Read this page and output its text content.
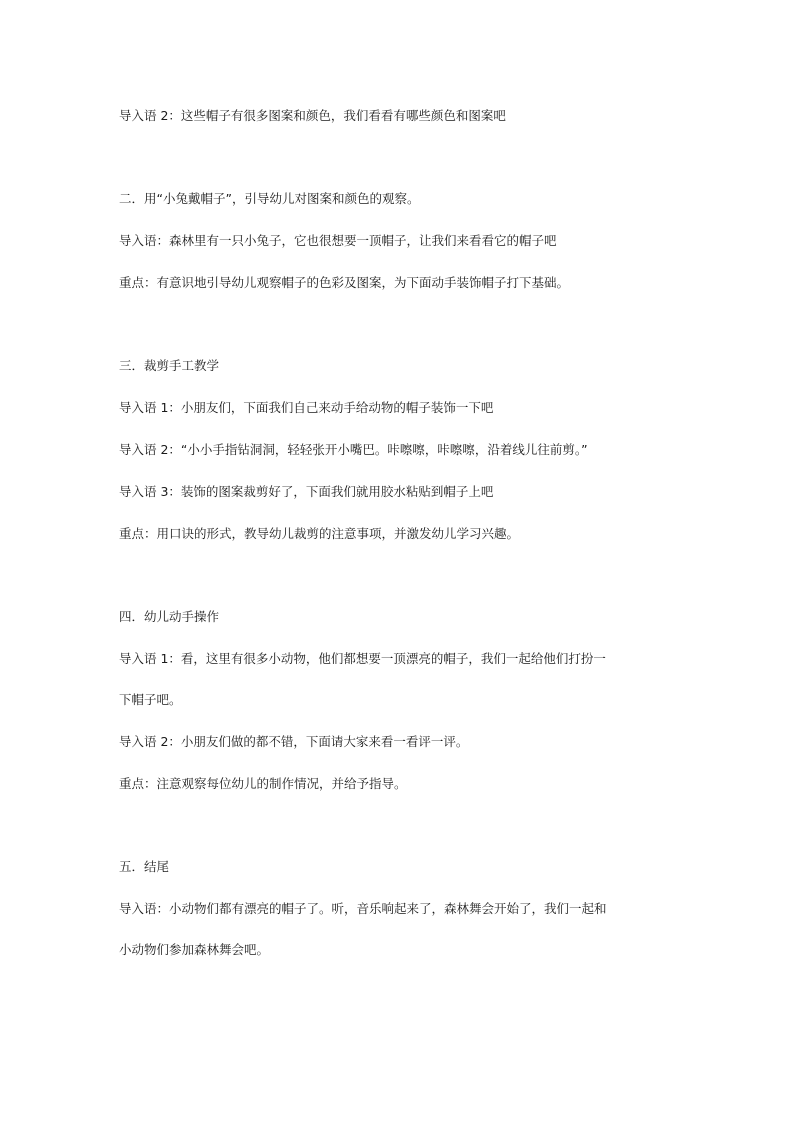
导入语 2：这些帽子有很多图案和颜色，我们看看有哪些颜色和图案吧
二．用“小兔戴帽子”，引导幼儿对图案和颜色的观察。
导入语：森林里有一只小兔子，它也很想要一顶帽子，让我们来看看它的帽子吧
重点：有意识地引导幼儿观察帽子的色彩及图案，为下面动手装饰帽子打下基础。
三．裁剪手工教学
导入语 1：小朋友们，下面我们自己来动手给动物的帽子装饰一下吧
导入语 2：“小小手指钻洞洞，轻轻张开小嘴巴。咔嚓嚓，咔嚓嚓，沿着线儿往前剪。”
导入语 3：装饰的图案裁剪好了，下面我们就用胶水粘贴到帽子上吧
重点：用口诀的形式，教导幼儿裁剪的注意事项，并激发幼儿学习兴趣。
四．幼儿动手操作
导入语 1：看，这里有很多小动物，他们都想要一顶漂亮的帽子，我们一起给他们打扮一
下帽子吧。
导入语 2：小朋友们做的都不错，下面请大家来看一看评一评。
重点：注意观察每位幼儿的制作情况，并给予指导。
五．结尾
导入语：小动物们都有漂亮的帽子了。听，音乐响起来了，森林舞会开始了，我们一起和
小动物们参加森林舞会吧。
